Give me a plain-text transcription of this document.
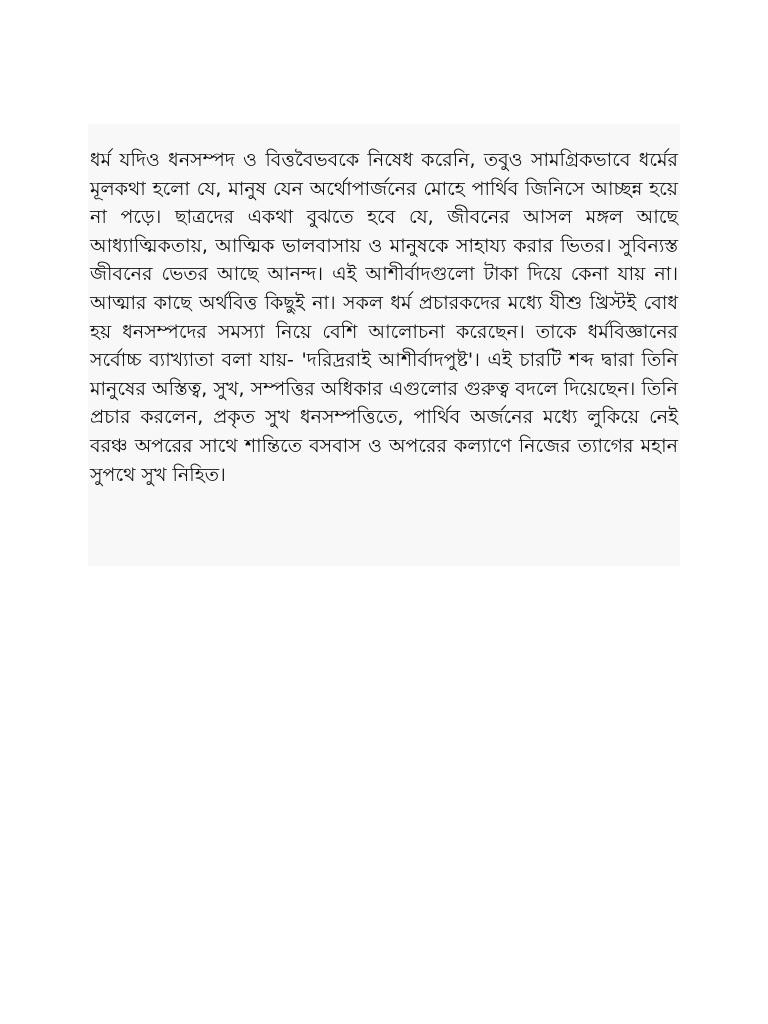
ধর্ম যদিও ধনসম্পদ ও বিত্তবৈভবকে নিষেধ করেনি, তবুও সামগ্রিকভাবে ধর্মের মূলকথা হলো যে, মানুষ যেন অর্থোপার্জনের মোহে পার্থিব জিনিসে আচ্ছন্ন হয়ে না পড়ে। ছাত্রদের একথা বুঝতে হবে যে, জীবনের আসল মঙ্গল আছে আধ্যাত্মিকতায়, আত্মিক ভালবাসায় ও মানুষকে সাহায্য করার ভিতর। সুবিন্যস্ত জীবনের ভেতর আছে আনন্দ। এই আশীর্বাদগুলো টাকা দিয়ে কেনা যায় না। আত্মার কাছে অর্থবিত্ত কিছুই না। সকল ধর্ম প্রচারকদের মধ্যে যীশু খ্রিস্টই বোধ হয় ধনসম্পদের সমস্যা নিয়ে বেশি আলোচনা করেছেন। তাকে ধর্মবিজ্ঞানের সর্বোচ্চ ব্যাখ্যাতা বলা যায়- 'দরিদ্ররাই আশীর্বাদপুষ্ট'। এই চারটি শব্দ দ্বারা তিনি মানুষের অস্তিত্ব, সুখ, সম্পত্তির অধিকার এগুলোর গুরুত্ব বদলে দিয়েছেন। তিনি প্রচার করলেন, প্রকৃত সুখ ধনসম্পত্তিতে, পার্থিব অর্জনের মধ্যে লুকিয়ে নেই বরঞ্চ অপরের সাথে শান্তিতে বসবাস ও অপরের কল্যাণে নিজের ত্যাগের মহান সুপথে সুখ নিহিত।
